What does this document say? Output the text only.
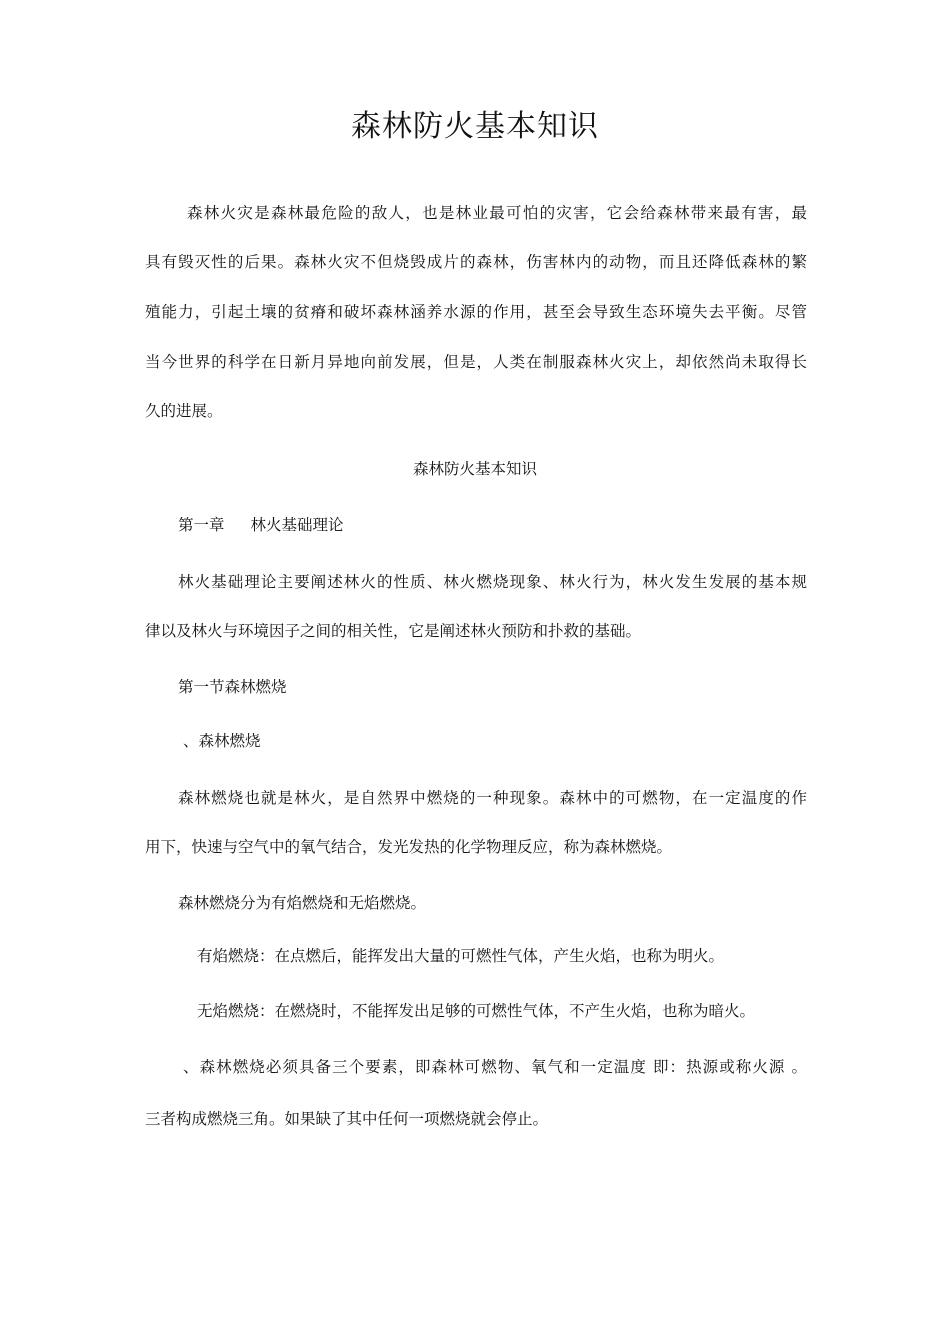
森林防火基本知识
森林火灾是森林最危险的敌人，也是林业最可怕的灾害，它会给森林带来最有害，最
具有毁灭性的后果。森林火灾不但烧毁成片的森林，伤害林内的动物，而且还降低森林的繁
殖能力，引起土壤的贫瘠和破坏森林涵养水源的作用，甚至会导致生态环境失去平衡。尽管
当今世界的科学在日新月异地向前发展，但是，人类在制服森林火灾上，却依然尚未取得长
久的进展。
森林防火基本知识
第一章 林火基础理论
林火基础理论主要阐述林火的性质、林火燃烧现象、林火行为，林火发生发展的基本规
律以及林火与环境因子之间的相关性，它是阐述林火预防和扑救的基础。
第一节森林燃烧
、森林燃烧
森林燃烧也就是林火，是自然界中燃烧的一种现象。森林中的可燃物，在一定温度的作
用下，快速与空气中的氧气结合，发光发热的化学物理反应，称为森林燃烧。
森林燃烧分为有焰燃烧和无焰燃烧。
有焰燃烧：在点燃后，能挥发出大量的可燃性气体，产生火焰，也称为明火。
无焰燃烧：在燃烧时，不能挥发出足够的可燃性气体，不产生火焰，也称为暗火。
、森林燃烧必须具备三个要素，即森林可燃物、氧气和一定温度 即：热源或称火源 。
三者构成燃烧三角。如果缺了其中任何一项燃烧就会停止。
